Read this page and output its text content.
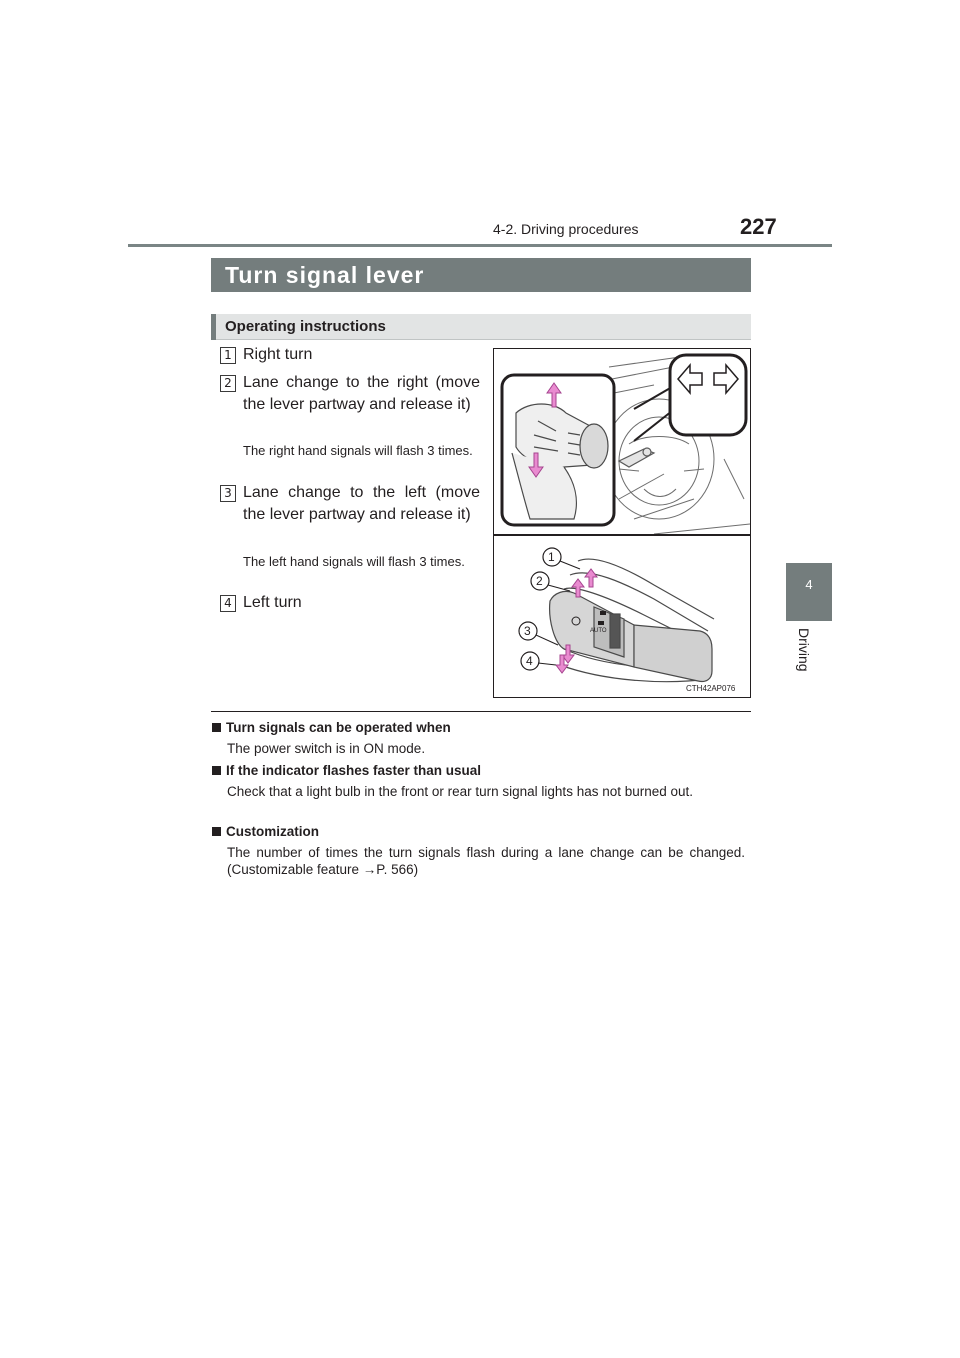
4-2. Driving procedures	227
4
Driving
Turn signal lever
Operating instructions
1 Right turn
2 Lane change to the right (move the lever partway and release it)
The right hand signals will flash 3 times.
3 Lane change to the left (move the lever partway and release it)
The left hand signals will flash 3 times.
4 Left turn
AUTO
1
2
3
4
CTH42AP076
Turn signals can be operated when
The power switch is in ON mode.
If the indicator flashes faster than usual
Check that a light bulb in the front or rear turn signal lights has not burned out.
Customization
The number of times the turn signals flash during a lane change can be changed. (Customizable feature →P. 566)
